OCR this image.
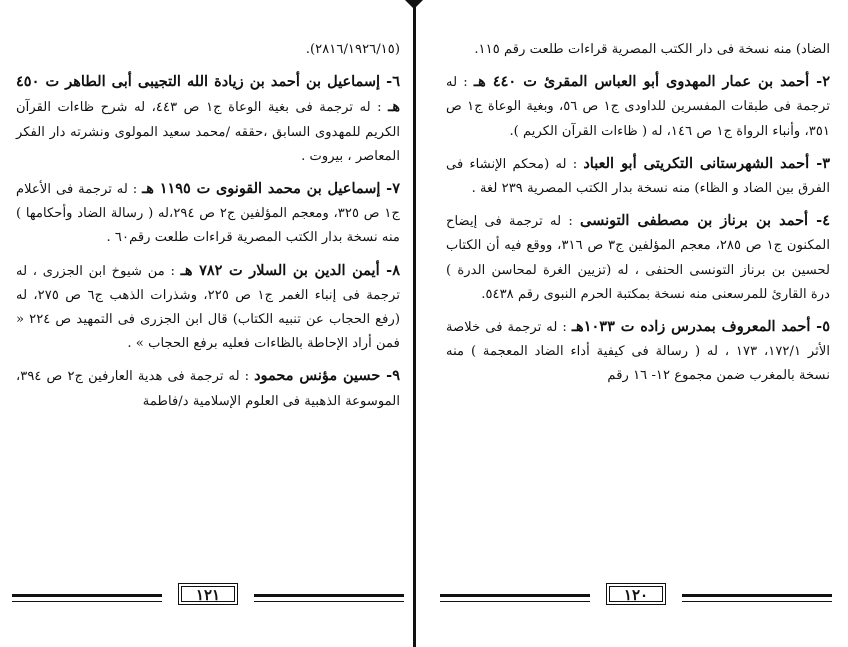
(٢٨١٦/١٩٢٦/١٥).

٦- إسماعيل بن أحمد بن زيادة الله التجيبى أبى الطاهر ت ٤٥٠ هـ : له ترجمة فى بغية الوعاة ج١ ص ٤٤٣، له شرح ظاءات القرآن الكريم للمهدوى السابق ،حققه /محمد سعيد المولوى ونشرته دار الفكر المعاصر ، بيروت .

٧- إسماعيل بن محمد القونوى ت ١١٩٥ هـ : له ترجمة فى الأعلام ج١ ص ٣٢٥، ومعجم المؤلفين ج٢ ص ٢٩٤،له ( رسالة الضاد وأحكامها ) منه نسخة بدار الكتب المصرية قراءات طلعت رقم٦٠ .

٨- أيمن الدين بن السلار ت ٧٨٢ هـ : من شيوخ ابن الجزرى ، له ترجمة فى إنباء الغمر ج١ ص ٢٢٥، وشذرات الذهب ج٦ ص ٢٧٥، له (رفع الحجاب عن تنبيه الكتاب) قال ابن الجزرى فى التمهيد ص ٢٢٤ « فمن أراد الإحاطة بالظاءات فعليه برفع الحجاب » .

٩- حسين مؤنس محمود : له ترجمة فى هدية العارفين ج٢ ص ٣٩٤، الموسوعة الذهبية فى العلوم الإسلامية د/فاطمة

١٢١

الضاد) منه نسخة فى دار الكتب المصرية قراءات طلعت رقم ١١٥.

٢- أحمد بن عمار المهدوى أبو العباس المقرئ ت ٤٤٠ هـ : له ترجمة فى طبقات المفسرين للداودى ج١ ص ٥٦، وبغية الوعاة ج١ ص ٣٥١، وأنباء الرواة ج١ ص ١٤٦، له ( ظاءات القرآن الكريم ).

٣- أحمد الشهرستانى التكريتى أبو العباد : له (محكم الإنشاء فى الفرق بين الضاد و الظاء) منه نسخة بدار الكتب المصرية ٢٣٩ لغة .

٤- أحمد بن برناز بن مصطفى التونسى : له ترجمة فى إيضاح المكنون ج١ ص ٢٨٥، معجم المؤلفين ج٣ ص ٣١٦، ووقع فيه أن الكتاب لحسين بن برناز التونسى الحنفى ، له (تزيين الغرة لمحاسن الدرة ) درة القارئ للمرسعنى منه نسخة بمكتبة الحرم النبوى رقم ٥٤٣٨.

٥- أحمد المعروف بمدرس زاده ت ١٠٣٣هـ : له ترجمة فى خلاصة الأثر ١٧٢/١، ١٧٣ ، له ( رسالة فى كيفية أداء الضاد المعجمة ) منه نسخة بالمغرب ضمن مجموع ١٢- ١٦ رقم

١٢٠
